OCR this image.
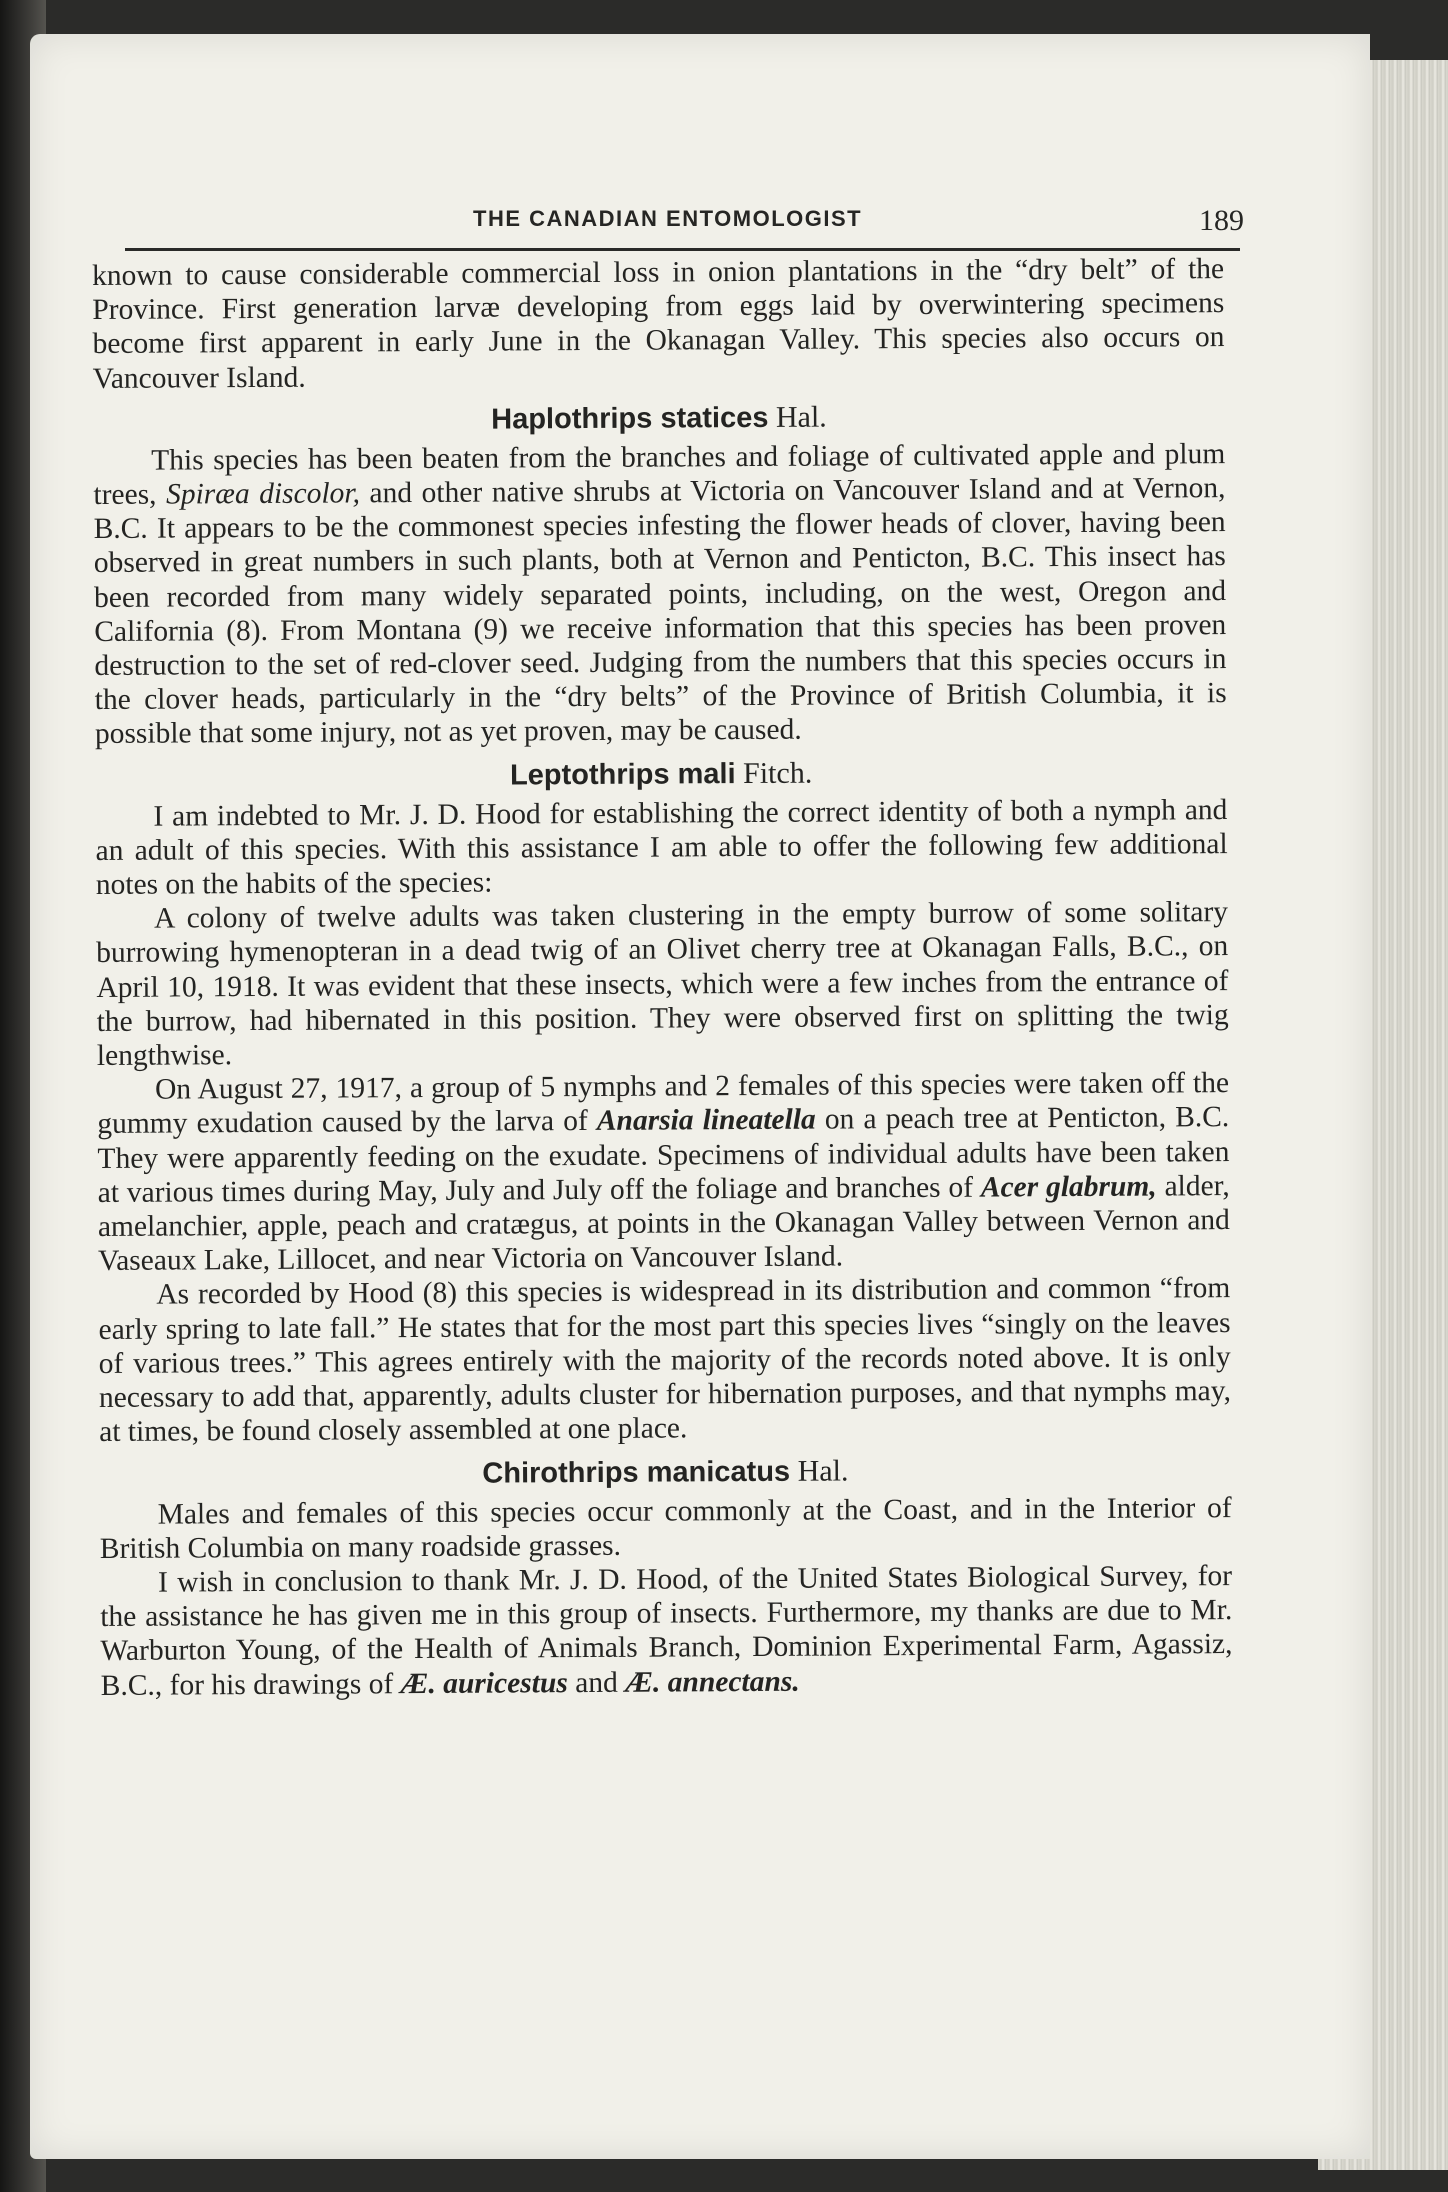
THE CANADIAN ENTOMOLOGIST	189

known to cause considerable commercial loss in onion plantations in the “dry belt” of the Province. First generation larvæ developing from eggs laid by overwintering specimens become first apparent in early June in the Okanagan Valley. This species also occurs on Vancouver Island.

Haplothrips statices Hal.

This species has been beaten from the branches and foliage of cultivated apple and plum trees, Spiræa discolor, and other native shrubs at Victoria on Vancouver Island and at Vernon, B.C. It appears to be the commonest species infesting the flower heads of clover, having been observed in great numbers in such plants, both at Vernon and Penticton, B.C. This insect has been recorded from many widely separated points, including, on the west, Oregon and California (8). From Montana (9) we receive information that this species has been proven destruction to the set of red-clover seed. Judging from the numbers that this species occurs in the clover heads, particularly in the “dry belts” of the Province of British Columbia, it is possible that some injury, not as yet proven, may be caused.

Leptothrips mali Fitch.

I am indebted to Mr. J. D. Hood for establishing the correct identity of both a nymph and an adult of this species. With this assistance I am able to offer the following few additional notes on the habits of the species:

A colony of twelve adults was taken clustering in the empty burrow of some solitary burrowing hymenopteran in a dead twig of an Olivet cherry tree at Okanagan Falls, B.C., on April 10, 1918. It was evident that these insects, which were a few inches from the entrance of the burrow, had hibernated in this position. They were observed first on splitting the twig lengthwise.

On August 27, 1917, a group of 5 nymphs and 2 females of this species were taken off the gummy exudation caused by the larva of Anarsia lineatella on a peach tree at Penticton, B.C. They were apparently feeding on the exudate. Specimens of individual adults have been taken at various times during May, July and July off the foliage and branches of Acer glabrum, alder, amelanchier, apple, peach and cratægus, at points in the Okanagan Valley between Vernon and Vaseaux Lake, Lillocet, and near Victoria on Vancouver Island.

As recorded by Hood (8) this species is widespread in its distribution and common “from early spring to late fall.” He states that for the most part this species lives “singly on the leaves of various trees.” This agrees entirely with the majority of the records noted above. It is only necessary to add that, apparently, adults cluster for hibernation purposes, and that nymphs may, at times, be found closely assembled at one place.

Chirothrips manicatus Hal.

Males and females of this species occur commonly at the Coast, and in the Interior of British Columbia on many roadside grasses.

I wish in conclusion to thank Mr. J. D. Hood, of the United States Biological Survey, for the assistance he has given me in this group of insects. Furthermore, my thanks are due to Mr. Warburton Young, of the Health of Animals Branch, Dominion Experimental Farm, Agassiz, B.C., for his drawings of Æ. auricestus and Æ. annectans.
